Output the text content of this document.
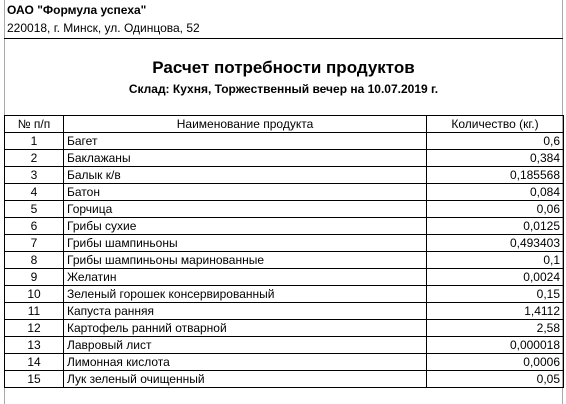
ОАО "Формула успеха"
220018, г. Минск, ул. Одинцова, 52
Расчет потребности продуктов
Склад: Кухня, Торжественный вечер на 10.07.2019 г.
№ п/п	Наименование продукта	Количество (кг.)
1	Багет	0,6
2	Баклажаны	0,384
3	Балык к/в	0,185568
4	Батон	0,084
5	Горчица	0,06
6	Грибы сухие	0,0125
7	Грибы шампиньоны	0,493403
8	Грибы шампиньоны маринованные	0,1
9	Желатин	0,0024
10	Зеленый горошек консервированный	0,15
11	Капуста ранняя	1,4112
12	Картофель ранний отварной	2,58
13	Лавровый лист	0,000018
14	Лимонная кислота	0,0006
15	Лук зеленый очищенный	0,05
